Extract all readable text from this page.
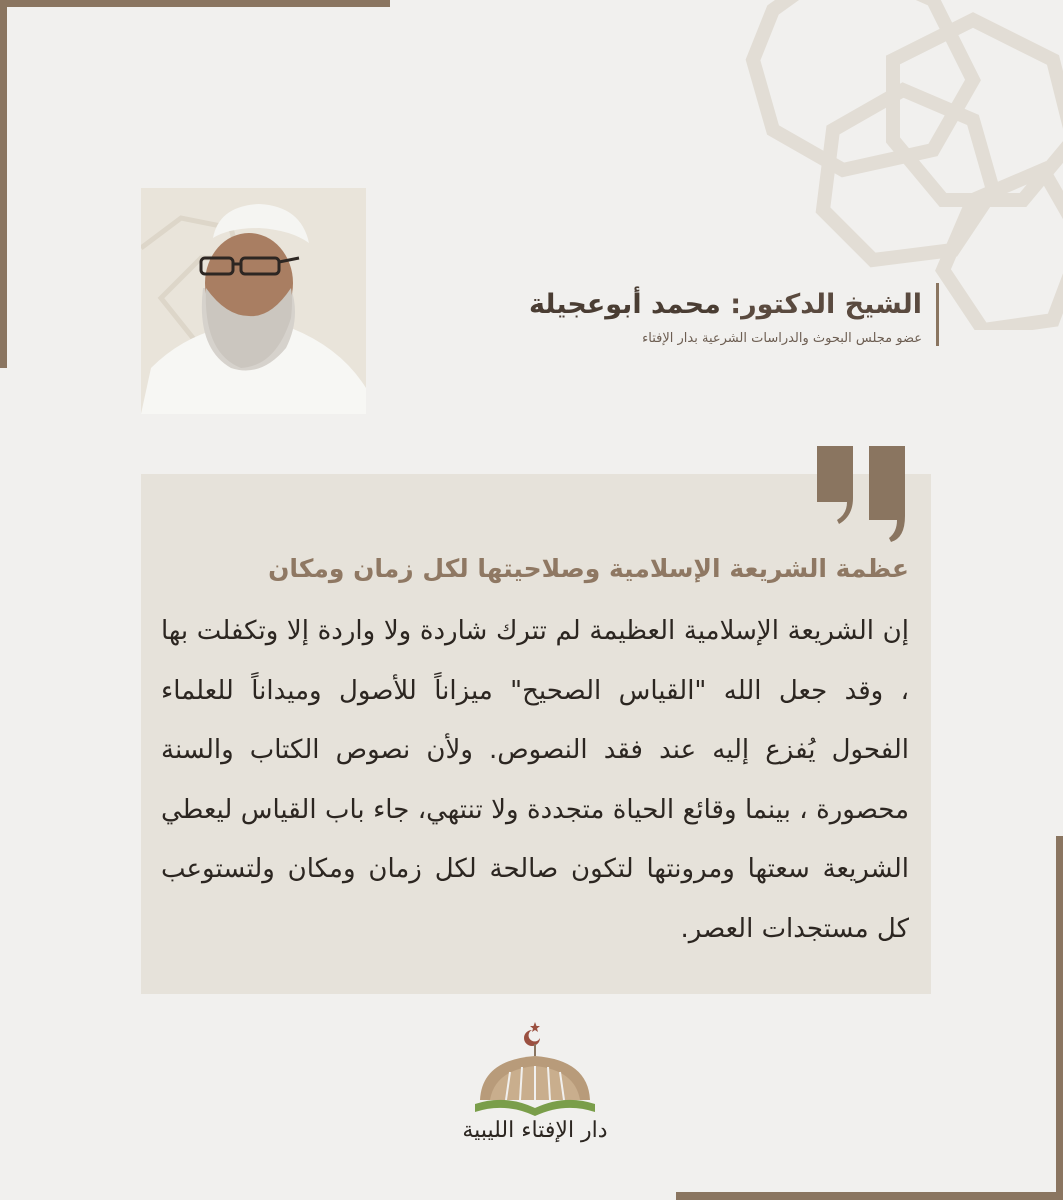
الشيخ الدكتور: محمد أبوعجيلة
عضو مجلس البحوث والدراسات الشرعية بدار الإفتاء
عظمة الشريعة الإسلامية وصلاحيتها لكل زمان ومكان
إن الشريعة الإسلامية العظيمة لم تترك شاردة ولا واردة إلا وتكفلت بها ، وقد جعل الله "القياس الصحيح" ميزاناً للأصول وميداناً للعلماء الفحول يُفزع إليه عند فقد النصوص. ولأن نصوص الكتاب والسنة محصورة ، بينما وقائع الحياة متجددة ولا تنتهي، جاء باب القياس ليعطي الشريعة سعتها ومرونتها لتكون صالحة لكل زمان ومكان ولتستوعب كل مستجدات العصر.
دار الإفتاء الليبية
